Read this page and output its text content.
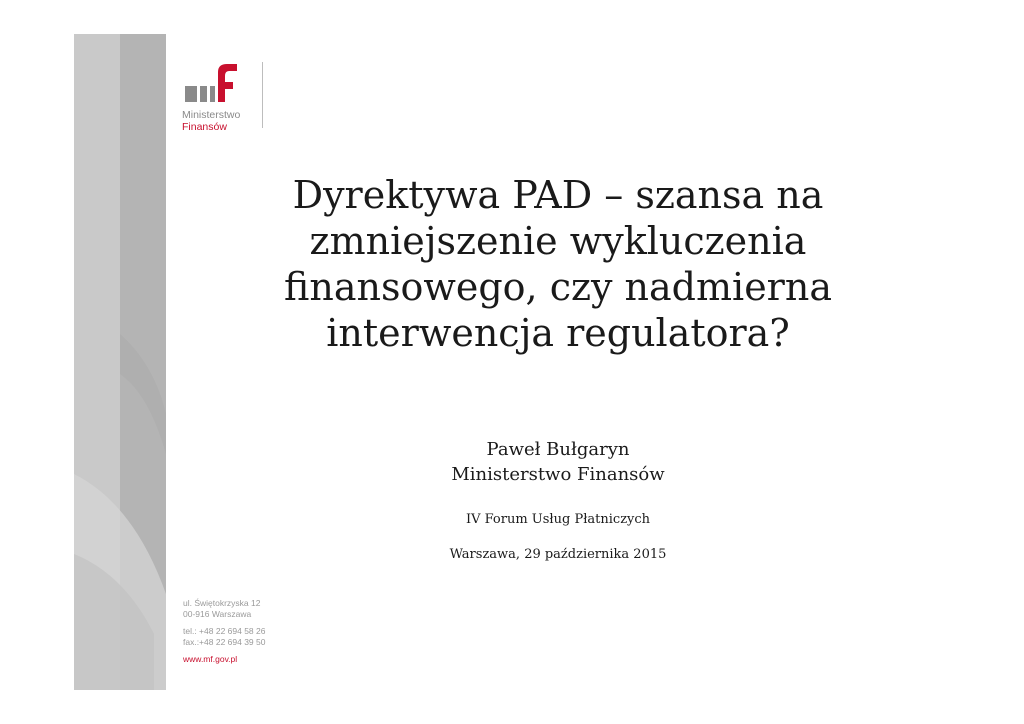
Ministerstwo
Finansów
Dyrektywa PAD – szansa na
zmniejszenie wykluczenia
finansowego, czy nadmierna
interwencja regulatora?
Paweł Bułgaryn
Ministerstwo Finansów
IV Forum Usług Płatniczych
Warszawa, 29 października 2015
ul. Świętokrzyska 12
00-916 Warszawa
tel.: +48 22 694 58 26
fax.:+48 22 694 39 50
www.mf.gov.pl
